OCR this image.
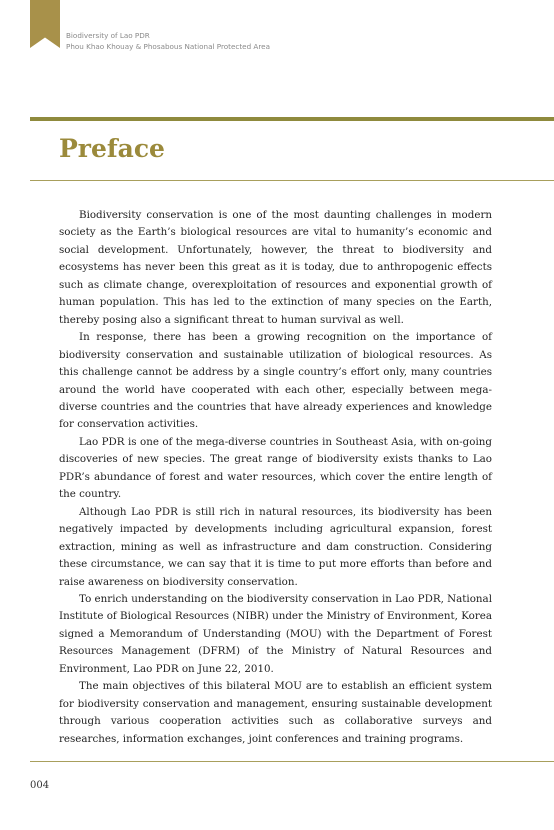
Biodiversity of Lao PDR
Phou Khao Khouay & Phosabous National Protected Area
Preface

Biodiversity conservation is one of the most daunting challenges in modern society as the Earth’s biological resources are vital to humanity’s economic and social development. Unfortunately, however, the threat to biodiversity and ecosystems has never been this great as it is today, due to anthropogenic effects such as climate change, overexploitation of resources and exponential growth of human population. This has led to the extinction of many species on the Earth, thereby posing also a significant threat to human survival as well.

In response, there has been a growing recognition on the importance of biodiversity conservation and sustainable utilization of biological resources. As this challenge cannot be address by a single country’s effort only, many countries around the world have cooperated with each other, especially between mega-diverse countries and the countries that have already experiences and knowledge for conservation activities.

Lao PDR is one of the mega-diverse countries in Southeast Asia, with on-going discoveries of new species. The great range of biodiversity exists thanks to Lao PDR’s abundance of forest and water resources, which cover the entire length of the country.

Although Lao PDR is still rich in natural resources, its biodiversity has been negatively impacted by developments including agricultural expansion, forest extraction, mining as well as infrastructure and dam construction. Considering these circumstance, we can say that it is time to put more efforts than before and raise awareness on biodiversity conservation.

To enrich understanding on the biodiversity conservation in Lao PDR, National Institute of Biological Resources (NIBR) under the Ministry of Environment, Korea signed a Memorandum of Understanding (MOU) with the Department of Forest Resources Management (DFRM) of the Ministry of Natural Resources and Environment, Lao PDR on June 22, 2010.

The main objectives of this bilateral MOU are to establish an efficient system for biodiversity conservation and management, ensuring sustainable development through various cooperation activities such as collaborative surveys and researches, information exchanges, joint conferences and training programs.

004
